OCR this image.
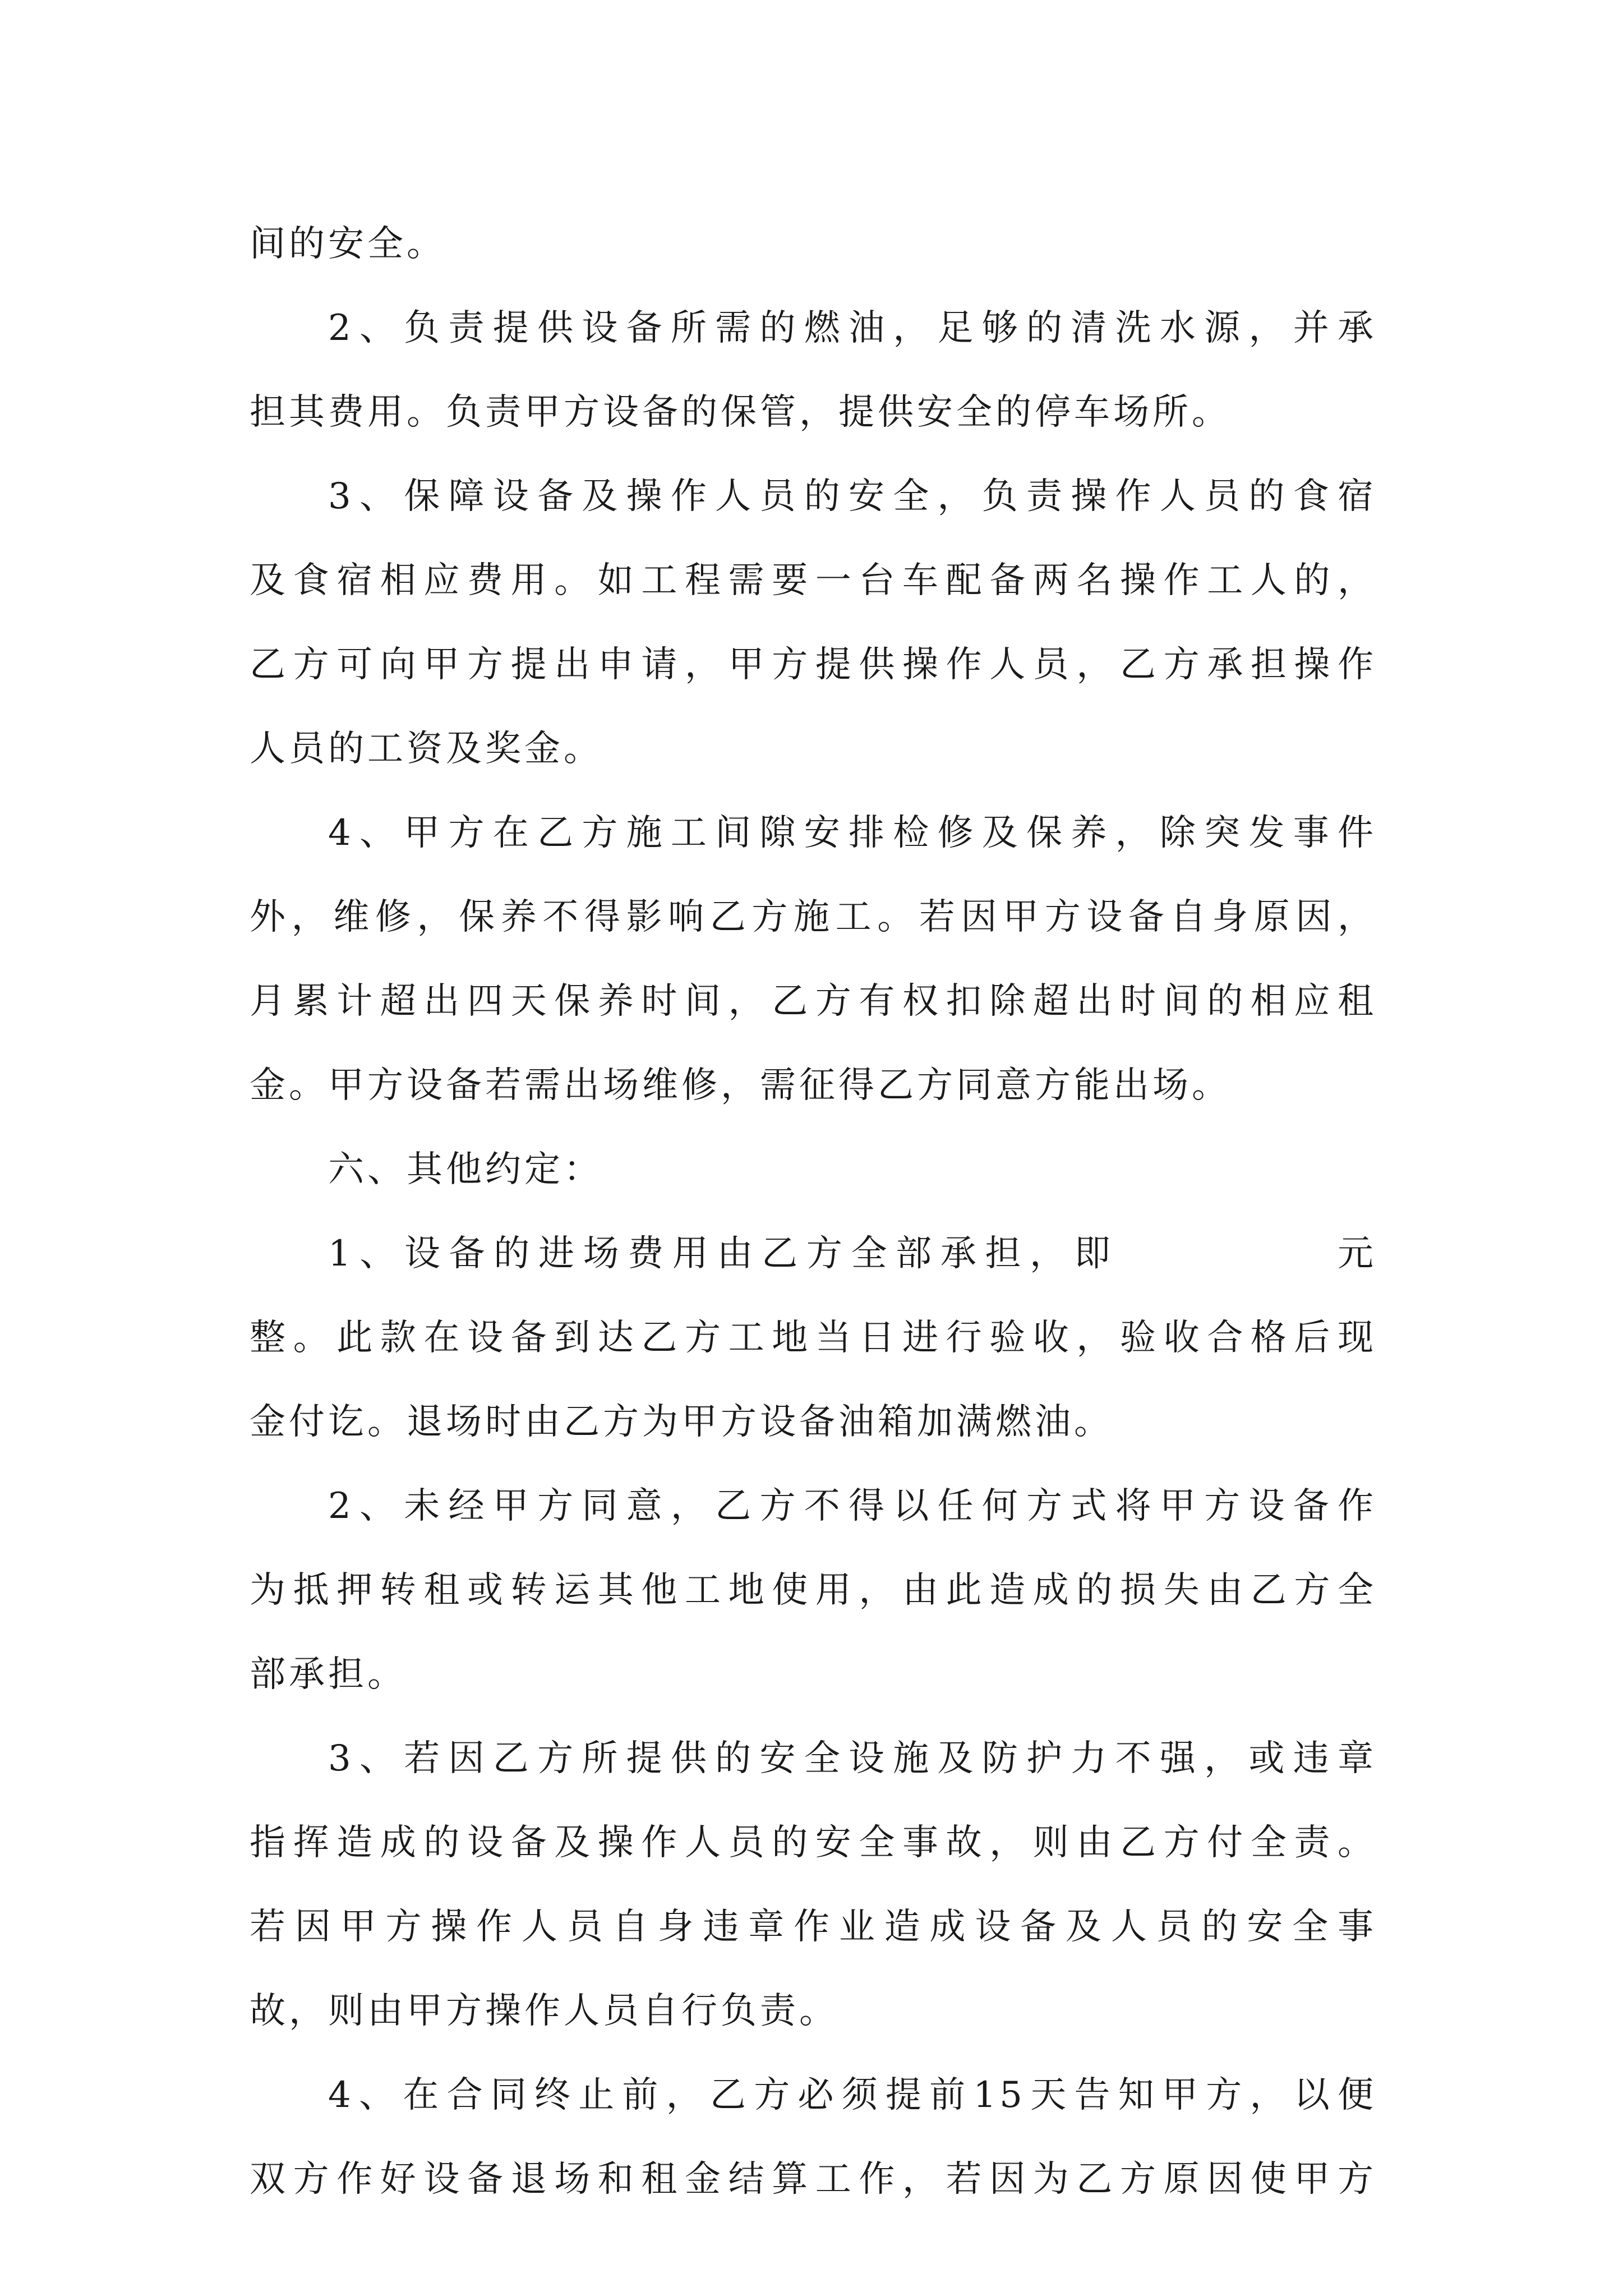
间的安全。

2、负责提供设备所需的燃油，足够的清洗水源，并承
担其费用。负责甲方设备的保管，提供安全的停车场所。

3、保障设备及操作人员的安全，负责操作人员的食宿
及食宿相应费用。如工程需要一台车配备两名操作工人的，
乙方可向甲方提出申请，甲方提供操作人员，乙方承担操作
人员的工资及奖金。

4、甲方在乙方施工间隙安排检修及保养，除突发事件
外，维修，保养不得影响乙方施工。若因甲方设备自身原因，
月累计超出四天保养时间，乙方有权扣除超出时间的相应租
金。甲方设备若需出场维修，需征得乙方同意方能出场。

六、其他约定：

1、设备的进场费用由乙方全部承担，即	元
整。此款在设备到达乙方工地当日进行验收，验收合格后现
金付讫。退场时由乙方为甲方设备油箱加满燃油。

2、未经甲方同意，乙方不得以任何方式将甲方设备作
为抵押转租或转运其他工地使用，由此造成的损失由乙方全
部承担。

3、若因乙方所提供的安全设施及防护力不强，或违章
指挥造成的设备及操作人员的安全事故，则由乙方付全责。
若因甲方操作人员自身违章作业造成设备及人员的安全事
故，则由甲方操作人员自行负责。

4、在合同终止前，乙方必须提前15天告知甲方，以便
双方作好设备退场和租金结算工作，若因为乙方原因使甲方
